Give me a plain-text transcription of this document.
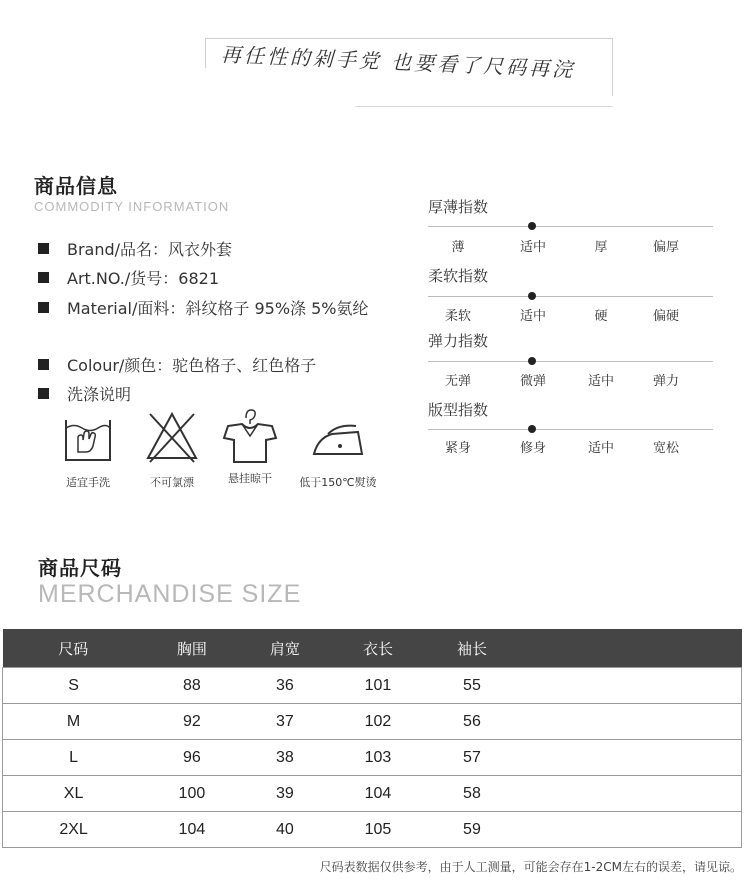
再任性的剁手党 也要看了尺码再浣
商品信息
COMMODITY INFORMATION
Brand/品名：风衣外套
Art.NO./货号：6821
Material/面料：斜纹格子 95%涤 5%氨纶
Colour/颜色：驼色格子、红色格子
洗涤说明
适宜手洗	不可氯漂	悬挂晾干	低于150℃熨烫
厚薄指数
薄	适中	厚	偏厚
柔软指数
柔软	适中	硬	偏硬
弹力指数
无弹	微弹	适中	弹力
版型指数
紧身	修身	适中	宽松
商品尺码
MERCHANDISE SIZE
尺码	胸围	肩宽	衣长	袖长	
S	88	36	101	55	
M	92	37	102	56	
L	96	38	103	57	
XL	100	39	104	58	
2XL	104	40	105	59	
尺码表数据仅供参考，由于人工测量，可能会存在1-2CM左右的误差，请见谅。
